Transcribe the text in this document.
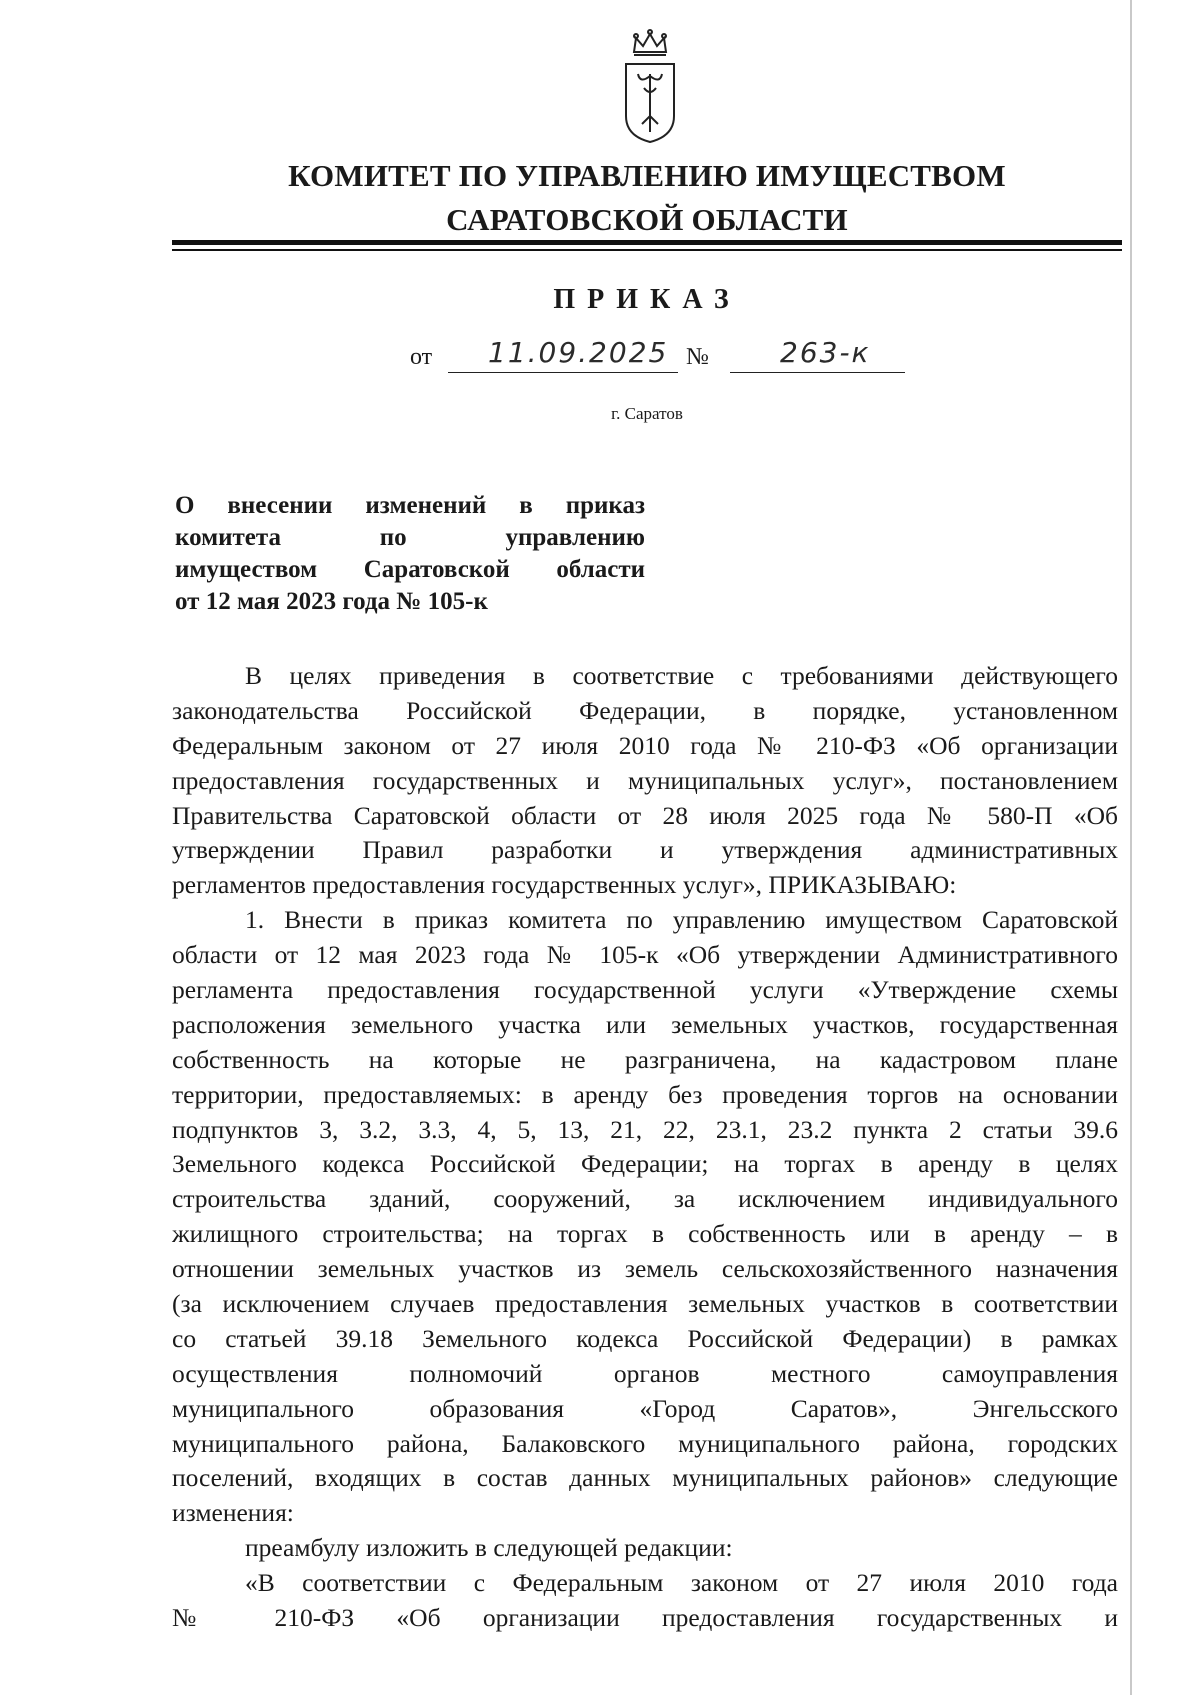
КОМИТЕТ ПО УПРАВЛЕНИЮ ИМУЩЕСТВОМ
САРАТОВСКОЙ ОБЛАСТИ
ПРИКАЗ
от 11.09.2025 №	263-к
г. Саратов
О внесении изменений в приказ
комитета по управлению
имуществом Саратовской области
от 12 мая 2023 года № 105-к
В целях приведения в соответствие с требованиями действующего
законодательства Российской Федерации, в порядке, установленном
Федеральным законом от 27 июля 2010 года № 210-ФЗ «Об организации
предоставления государственных и муниципальных услуг», постановлением
Правительства Саратовской области от 28 июля 2025 года № 580-П «Об
утверждении Правил разработки и утверждения административных
регламентов предоставления государственных услуг», ПРИКАЗЫВАЮ:
1. Внести в приказ комитета по управлению имуществом Саратовской
области от 12 мая 2023 года № 105-к «Об утверждении Административного
регламента предоставления государственной услуги «Утверждение схемы
расположения земельного участка или земельных участков, государственная
собственность на которые не разграничена, на кадастровом плане
территории, предоставляемых: в аренду без проведения торгов на основании
подпунктов 3, 3.2, 3.3, 4, 5, 13, 21, 22, 23.1, 23.2 пункта 2 статьи 39.6
Земельного кодекса Российской Федерации; на торгах в аренду в целях
строительства зданий, сооружений, за исключением индивидуального
жилищного строительства; на торгах в собственность или в аренду – в
отношении земельных участков из земель сельскохозяйственного назначения
(за исключением случаев предоставления земельных участков в соответствии
со статьей 39.18 Земельного кодекса Российской Федерации) в рамках
осуществления полномочий органов местного самоуправления
муниципального образования «Город Саратов», Энгельсского
муниципального района, Балаковского муниципального района, городских
поселений, входящих в состав данных муниципальных районов» следующие
изменения:
преамбулу изложить в следующей редакции:
«В соответствии с Федеральным законом от 27 июля 2010 года
№ 210-ФЗ «Об организации предоставления государственных и
